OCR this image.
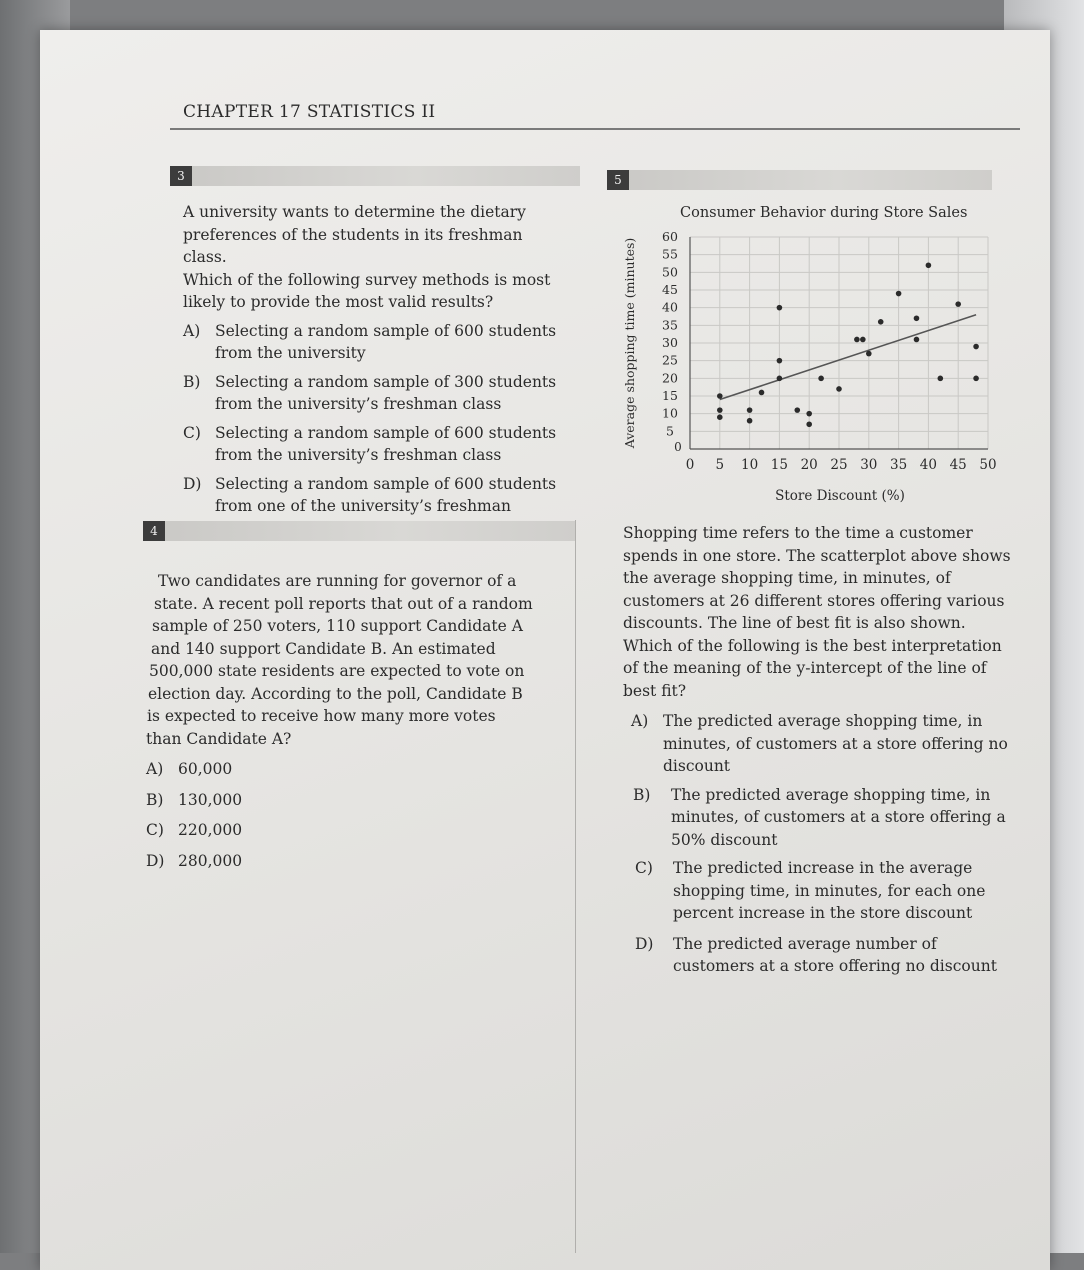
CHAPTER 17 STATISTICS II
3

A university wants to determine the dietary

preferences of the students in its freshman class.

Which of the following survey methods is most

likely to provide the most valid results?

A) Selecting a random sample of 600 students

from the university

B) Selecting a random sample of 300 students

from the university’s freshman class

C) Selecting a random sample of 600 students

from the university’s freshman class

D) Selecting a random sample of 600 students

from one of the university’s freshman

4

Two candidates are running for governor of a

state. A recent poll reports that out of a random

sample of 250 voters, 110 support Candidate A

and 140 support Candidate B. An estimated

500,000 state residents are expected to vote on

election day. According to the poll, Candidate B

is expected to receive how many more votes

than Candidate A?

A) 60,000

B) 130,000

C) 220,000

D) 280,000

5
Consumer Behavior during Store Sales
0 5 10 15 20 25 30 35 40 45 50
5
10
15
20
25
30
35
40
45
50
55
60
0
Average shopping time (minutes)
Store Discount (%)

Shopping time refers to the time a customer

spends in one store. The scatterplot above shows

the average shopping time, in minutes, of

customers at 26 different stores offering various

discounts. The line of best fit is also shown.

Which of the following is the best interpretation

of the meaning of the y-intercept of the line of

best fit?

A) The predicted average shopping time, in

minutes, of customers at a store offering no

discount

B) The predicted average shopping time, in

minutes, of customers at a store offering a

50% discount

C) The predicted increase in the average

shopping time, in minutes, for each one

percent increase in the store discount

D) The predicted average number of

customers at a store offering no discount
